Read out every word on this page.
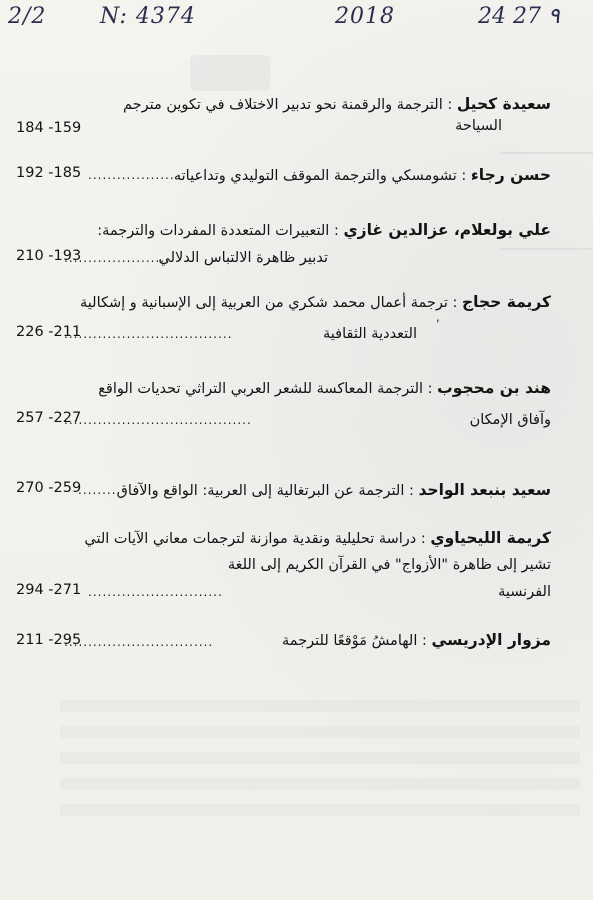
2/2 N: 4374	2018	24 27 ٩
سعيدة كحيل : الترجمة والرقمنة نحو تدبير الاختلاف في تكوين مترجم
السياحة
184 -159
حسن رجاء : تشومسكي والترجمة الموقف التوليدي وتداعياته
..................
192 -185
علي بولعلام، عزالدين غازي : التعبيرات المتعددة المفردات والترجمة:
تدبير ظاهرة الالتباس الدلالي
......................
210 -193
كريمة حجاج : ترجمة أعمال محمد شكري من العربية إلى الإسبانية و إشكالية
,
التعددية الثقافية
...................................
226 -211
هند بن محجوب : الترجمة المعاكسة للشعر العربي التراثي تحديات الواقع
وآفاق الإمكان
.......................................
257 -227
سعيد بنبعد الواحد : الترجمة عن البرتغالية إلى العربية: الواقع والآفاق
........
270 -259
كريمة الليحياوي : دراسة تحليلية ونقدية موازنة لترجمات معاني الآيات التي
تشير إلى ظاهرة "الأزواج" في القرآن الكريم إلى اللغة
الفرنسية
............................
294 -271
مزوار الإدريسي : الهامشُ مَوْقعًا للترجمة
...............................
211 -295
